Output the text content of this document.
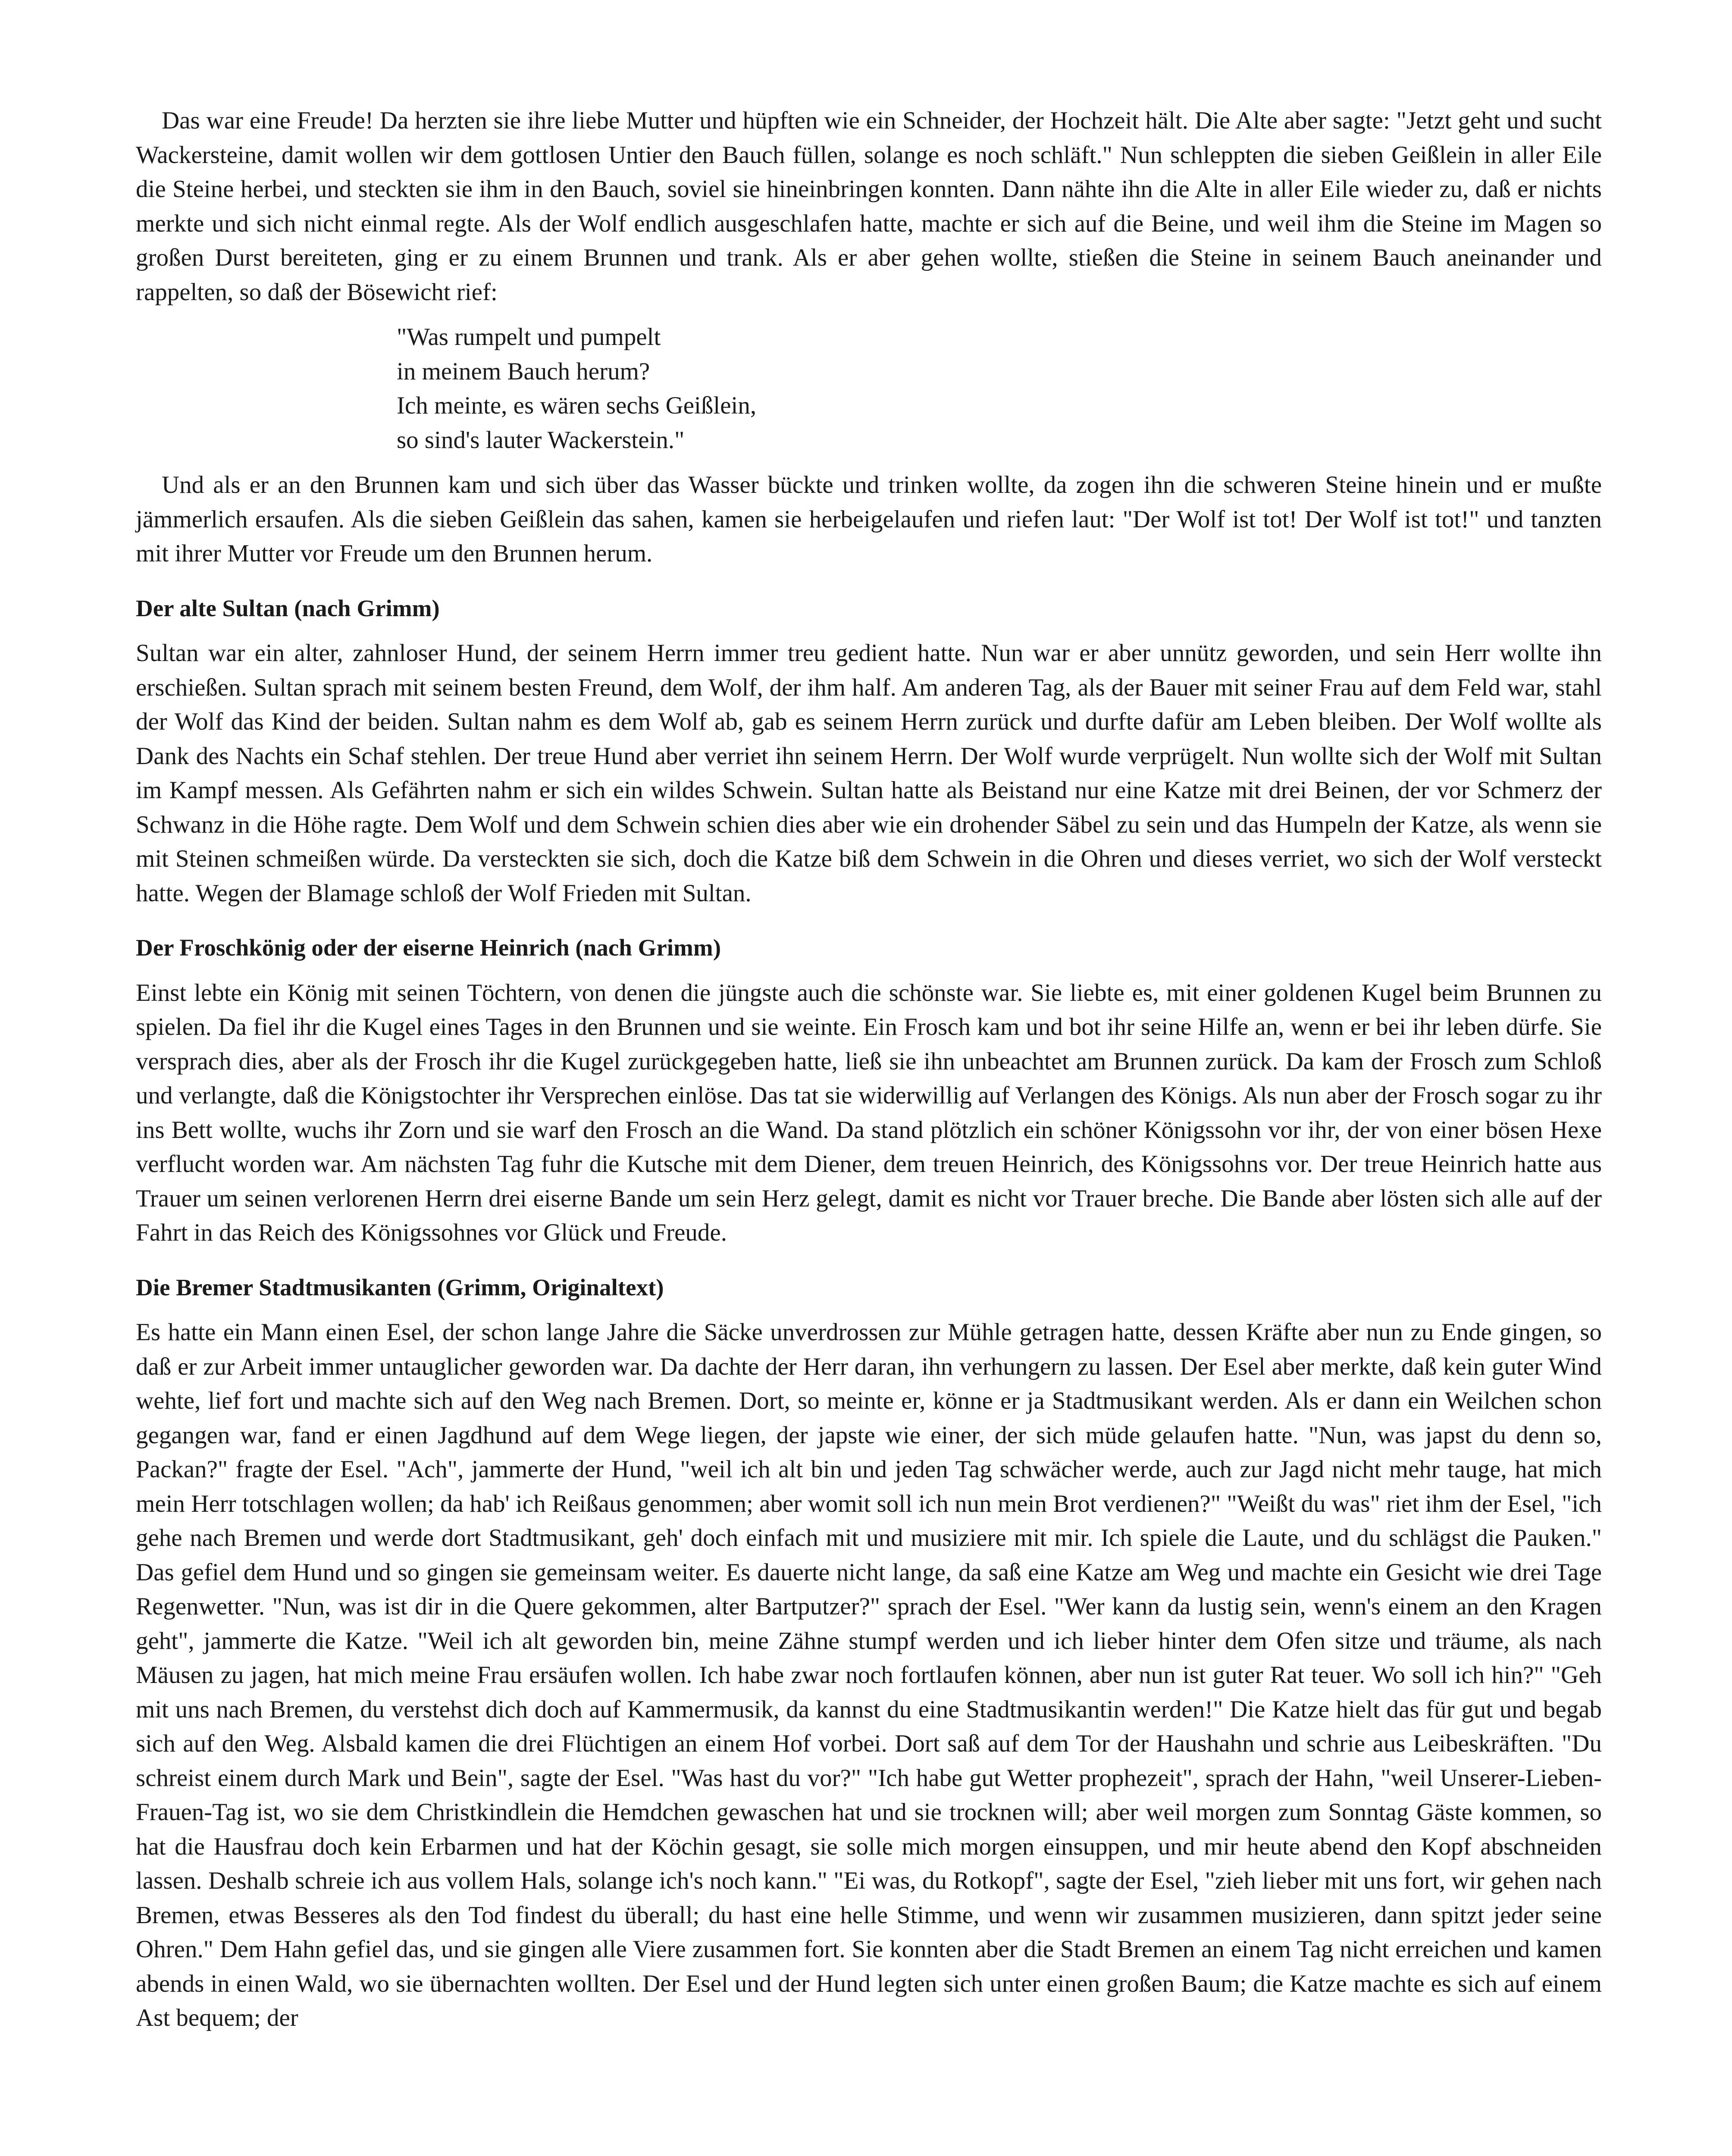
Das war eine Freude! Da herzten sie ihre liebe Mutter und hüpften wie ein Schneider, der Hochzeit hält. Die Alte aber sagte: "Jetzt geht und sucht Wackersteine, damit wollen wir dem gottlosen Untier den Bauch füllen, solange es noch schläft." Nun schleppten die sieben Geißlein in aller Eile die Steine herbei, und steckten sie ihm in den Bauch, soviel sie hineinbringen konnten. Dann nähte ihn die Alte in aller Eile wieder zu, daß er nichts merkte und sich nicht einmal regte. Als der Wolf endlich ausgeschlafen hatte, machte er sich auf die Beine, und weil ihm die Steine im Magen so großen Durst bereiteten, ging er zu einem Brunnen und trank. Als er aber gehen wollte, stießen die Steine in seinem Bauch aneinander und rappelten, so daß der Bösewicht rief:

"Was rumpelt und pumpelt
in meinem Bauch herum?
Ich meinte, es wären sechs Geißlein,
so sind's lauter Wackerstein."

Und als er an den Brunnen kam und sich über das Wasser bückte und trinken wollte, da zogen ihn die schweren Steine hinein und er mußte jämmerlich ersaufen. Als die sieben Geißlein das sahen, kamen sie herbeigelaufen und riefen laut: "Der Wolf ist tot! Der Wolf ist tot!" und tanzten mit ihrer Mutter vor Freude um den Brunnen herum.

Der alte Sultan (nach Grimm)

Sultan war ein alter, zahnloser Hund, der seinem Herrn immer treu gedient hatte. Nun war er aber unnütz geworden, und sein Herr wollte ihn erschießen. Sultan sprach mit seinem besten Freund, dem Wolf, der ihm half. Am anderen Tag, als der Bauer mit seiner Frau auf dem Feld war, stahl der Wolf das Kind der beiden. Sultan nahm es dem Wolf ab, gab es seinem Herrn zurück und durfte dafür am Leben bleiben. Der Wolf wollte als Dank des Nachts ein Schaf stehlen. Der treue Hund aber verriet ihn seinem Herrn. Der Wolf wurde verprügelt. Nun wollte sich der Wolf mit Sultan im Kampf messen. Als Gefährten nahm er sich ein wildes Schwein. Sultan hatte als Beistand nur eine Katze mit drei Beinen, der vor Schmerz der Schwanz in die Höhe ragte. Dem Wolf und dem Schwein schien dies aber wie ein drohender Säbel zu sein und das Humpeln der Katze, als wenn sie mit Steinen schmeißen würde. Da versteckten sie sich, doch die Katze biß dem Schwein in die Ohren und dieses verriet, wo sich der Wolf versteckt hatte. Wegen der Blamage schloß der Wolf Frieden mit Sultan.

Der Froschkönig oder der eiserne Heinrich (nach Grimm)

Einst lebte ein König mit seinen Töchtern, von denen die jüngste auch die schönste war. Sie liebte es, mit einer goldenen Kugel beim Brunnen zu spielen. Da fiel ihr die Kugel eines Tages in den Brunnen und sie weinte. Ein Frosch kam und bot ihr seine Hilfe an, wenn er bei ihr leben dürfe. Sie versprach dies, aber als der Frosch ihr die Kugel zurückgegeben hatte, ließ sie ihn unbeachtet am Brunnen zurück. Da kam der Frosch zum Schloß und verlangte, daß die Königstochter ihr Versprechen einlöse. Das tat sie widerwillig auf Verlangen des Königs. Als nun aber der Frosch sogar zu ihr ins Bett wollte, wuchs ihr Zorn und sie warf den Frosch an die Wand. Da stand plötzlich ein schöner Königssohn vor ihr, der von einer bösen Hexe verflucht worden war. Am nächsten Tag fuhr die Kutsche mit dem Diener, dem treuen Heinrich, des Königssohns vor. Der treue Heinrich hatte aus Trauer um seinen verlorenen Herrn drei eiserne Bande um sein Herz gelegt, damit es nicht vor Trauer breche. Die Bande aber lösten sich alle auf der Fahrt in das Reich des Königssohnes vor Glück und Freude.

Die Bremer Stadtmusikanten (Grimm, Originaltext)

Es hatte ein Mann einen Esel, der schon lange Jahre die Säcke unverdrossen zur Mühle getragen hatte, dessen Kräfte aber nun zu Ende gingen, so daß er zur Arbeit immer untauglicher geworden war. Da dachte der Herr daran, ihn verhungern zu lassen. Der Esel aber merkte, daß kein guter Wind wehte, lief fort und machte sich auf den Weg nach Bremen. Dort, so meinte er, könne er ja Stadtmusikant werden. Als er dann ein Weilchen schon gegangen war, fand er einen Jagdhund auf dem Wege liegen, der japste wie einer, der sich müde gelaufen hatte. "Nun, was japst du denn so, Packan?" fragte der Esel. "Ach", jammerte der Hund, "weil ich alt bin und jeden Tag schwächer werde, auch zur Jagd nicht mehr tauge, hat mich mein Herr totschlagen wollen; da hab' ich Reißaus genommen; aber womit soll ich nun mein Brot verdienen?" "Weißt du was" riet ihm der Esel, "ich gehe nach Bremen und werde dort Stadtmusikant, geh' doch einfach mit und musiziere mit mir. Ich spiele die Laute, und du schlägst die Pauken." Das gefiel dem Hund und so gingen sie gemeinsam weiter. Es dauerte nicht lange, da saß eine Katze am Weg und machte ein Gesicht wie drei Tage Regenwetter. "Nun, was ist dir in die Quere gekommen, alter Bartputzer?" sprach der Esel. "Wer kann da lustig sein, wenn's einem an den Kragen geht", jammerte die Katze. "Weil ich alt geworden bin, meine Zähne stumpf werden und ich lieber hinter dem Ofen sitze und träume, als nach Mäusen zu jagen, hat mich meine Frau ersäufen wollen. Ich habe zwar noch fortlaufen können, aber nun ist guter Rat teuer. Wo soll ich hin?" "Geh mit uns nach Bremen, du verstehst dich doch auf Kammermusik, da kannst du eine Stadtmusikantin werden!" Die Katze hielt das für gut und begab sich auf den Weg. Alsbald kamen die drei Flüchtigen an einem Hof vorbei. Dort saß auf dem Tor der Haushahn und schrie aus Leibeskräften. "Du schreist einem durch Mark und Bein", sagte der Esel. "Was hast du vor?" "Ich habe gut Wetter prophezeit", sprach der Hahn, "weil Unserer-Lieben-Frauen-Tag ist, wo sie dem Christkindlein die Hemdchen gewaschen hat und sie trocknen will; aber weil morgen zum Sonntag Gäste kommen, so hat die Hausfrau doch kein Erbarmen und hat der Köchin gesagt, sie solle mich morgen einsuppen, und mir heute abend den Kopf abschneiden lassen. Deshalb schreie ich aus vollem Hals, solange ich's noch kann." "Ei was, du Rotkopf", sagte der Esel, "zieh lieber mit uns fort, wir gehen nach Bremen, etwas Besseres als den Tod findest du überall; du hast eine helle Stimme, und wenn wir zusammen musizieren, dann spitzt jeder seine Ohren." Dem Hahn gefiel das, und sie gingen alle Viere zusammen fort. Sie konnten aber die Stadt Bremen an einem Tag nicht erreichen und kamen abends in einen Wald, wo sie übernachten wollten. Der Esel und der Hund legten sich unter einen großen Baum; die Katze machte es sich auf einem Ast bequem; der
